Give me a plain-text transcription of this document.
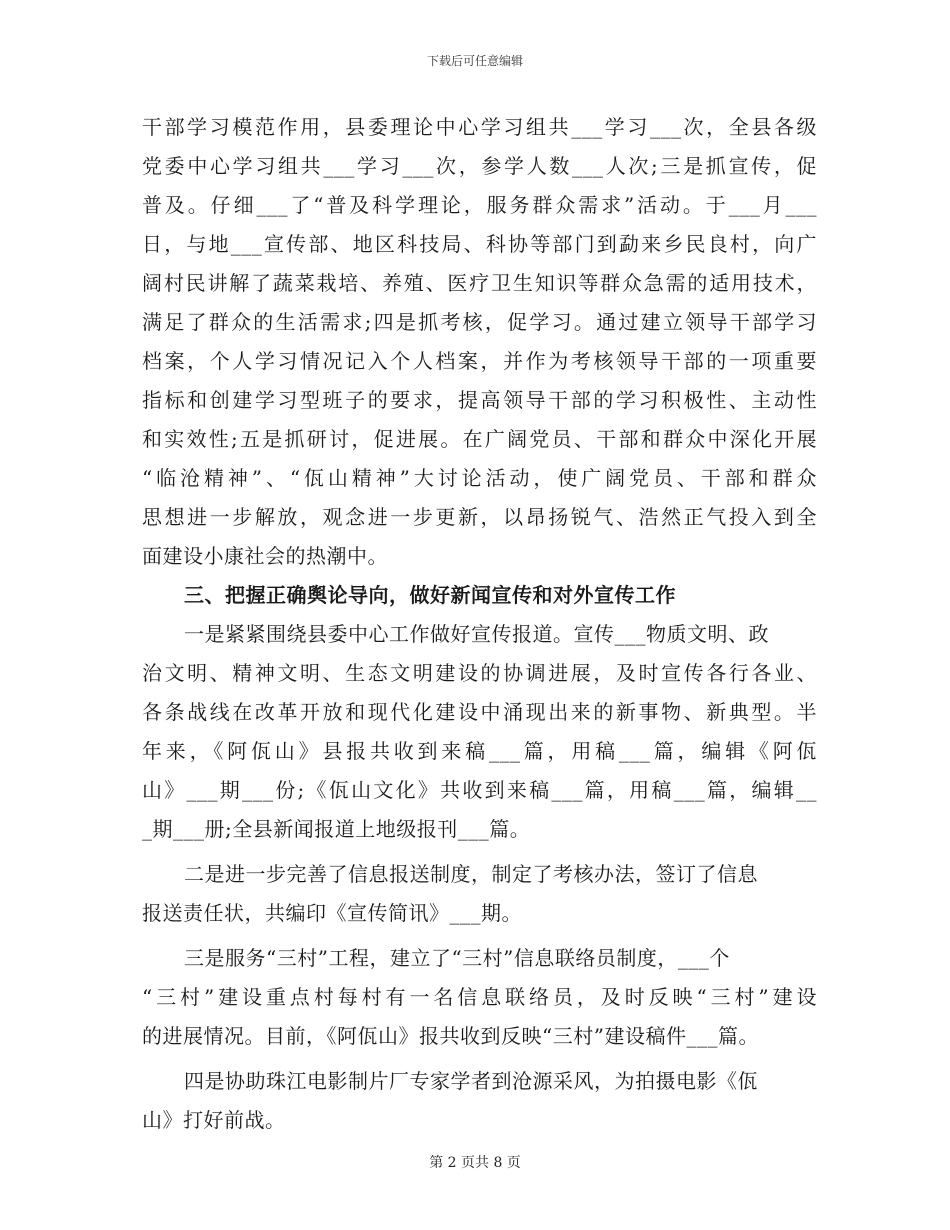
下载后可任意编辑
干部学习模范作用，县委理论中心学习组共___学习___次，全县各级
党委中心学习组共___学习___次，参学人数___人次;三是抓宣传，促
普及。仔细___了“普及科学理论，服务群众需求”活动。于___月___
日，与地___宣传部、地区科技局、科协等部门到勐来乡民良村，向广
阔村民讲解了蔬菜栽培、养殖、医疗卫生知识等群众急需的适用技术，
满足了群众的生活需求;四是抓考核，促学习。通过建立领导干部学习
档案，个人学习情况记入个人档案，并作为考核领导干部的一项重要
指标和创建学习型班子的要求，提高领导干部的学习积极性、主动性
和实效性;五是抓研讨，促进展。在广阔党员、干部和群众中深化开展
“临沧精神”、“佤山精神”大讨论活动，使广阔党员、干部和群众
思想进一步解放，观念进一步更新，以昂扬锐气、浩然正气投入到全
面建设小康社会的热潮中。
三、把握正确舆论导向，做好新闻宣传和对外宣传工作
一是紧紧围绕县委中心工作做好宣传报道。宣传___物质文明、政
治文明、精神文明、生态文明建设的协调进展，及时宣传各行各业、
各条战线在改革开放和现代化建设中涌现出来的新事物、新典型。半
年来，《阿佤山》县报共收到来稿___篇，用稿___篇，编辑《阿佤
山》___期___份;《佤山文化》共收到来稿___篇，用稿___篇，编辑__
_期___册;全县新闻报道上地级报刊___篇。
二是进一步完善了信息报送制度，制定了考核办法，签订了信息
报送责任状，共编印《宣传简讯》___期。
三是服务“三村”工程，建立了“三村”信息联络员制度，___个
“三村”建设重点村每村有一名信息联络员，及时反映“三村”建设
的进展情况。目前，《阿佤山》报共收到反映“三村”建设稿件___篇。
四是协助珠江电影制片厂专家学者到沧源采风，为拍摄电影《佤
山》打好前战。
第 2 页共 8 页
